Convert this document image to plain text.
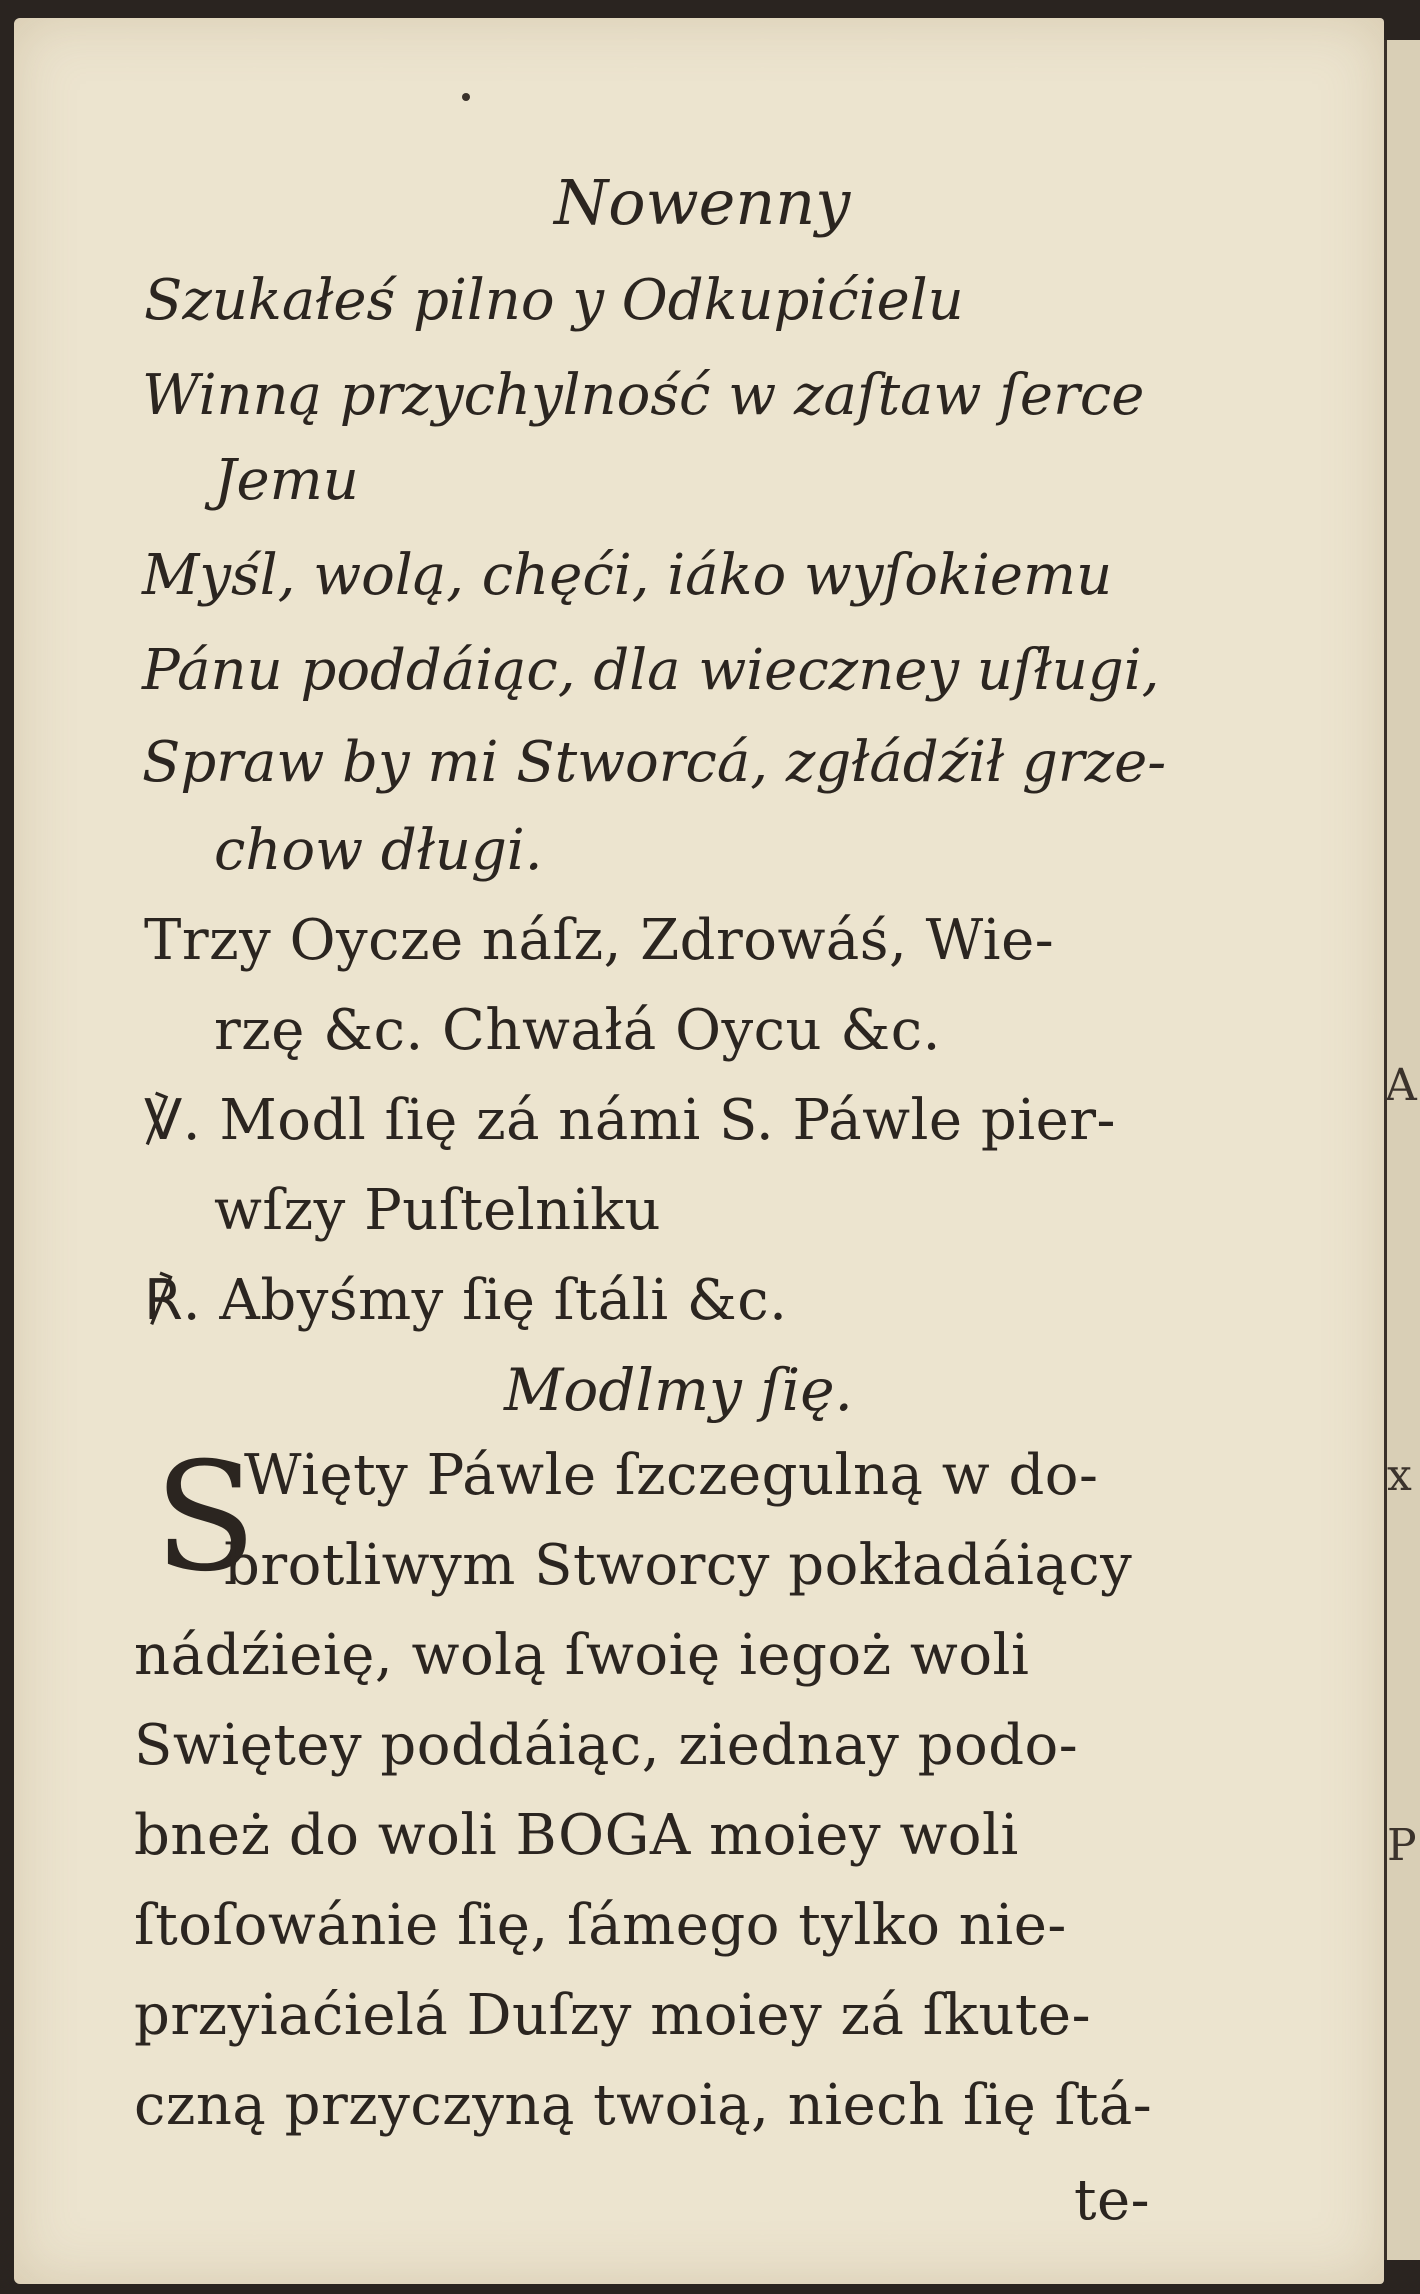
A
x
P
Nowenny
Szukałeś pilno y Odkupićielu
Winną przychylność w zaſtaw ſerce
Jemu
Myśl, wolą, chęći, iáko wyſokiemu
Pánu poddáiąc, dla wieczney uſługi,
Spraw by mi Stworcá, zgłádźił grze-
chow długi.
Trzy Oycze náſz, Zdrowáś, Wie-
rzę &c. Chwałá Oycu &c.
℣. Modl ſię zá námi S. Páwle pier-
wſzy Puſtelniku
℟. Abyśmy ſię ſtáli &c.
Modlmy ſię.
S
Więty Páwle ſzczegulną w do-
brotliwym Stworcy pokładáiący
nádźieię, wolą ſwoię iegoż woli
Swiętey poddáiąc, ziednay podo-
bneż do woli BOGA moiey woli
ſtoſowánie ſię, ſámego tylko nie-
przyiaćielá Duſzy moiey zá ſkute-
czną przyczyną twoią, niech ſię ſtá-
te-
